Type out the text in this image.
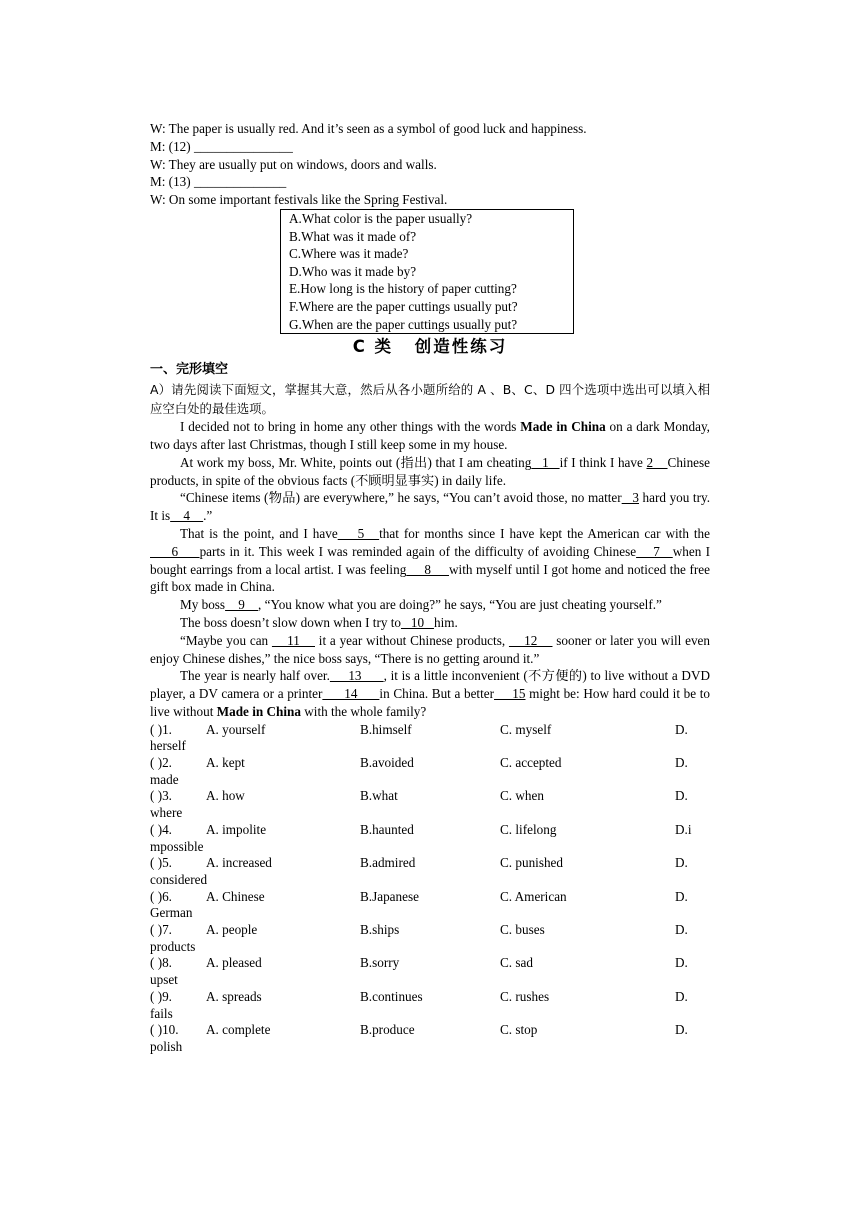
W: The paper is usually red. And it’s seen as a symbol of good luck and happiness.

M: (12) _______________

W: They are usually put on windows, doors and walls.

M: (13) ______________

W: On some important festivals like the Spring Festival.

A.What color is the paper usually?
B.What was it made of?
C.Where was it made?
D.Who was it made by?
E.How long is the history of paper cutting?
F.Where are the paper cuttings usually put?
G.When are the paper cuttings usually put?
C 类 创造性练习

一、完形填空

A）请先阅读下面短文，掌握其大意，然后从各小题所给的 A 、B、C、D 四个选项中选出可以填入相应空白处的最佳选项。

I decided not to bring in home any other things with the words Made in China on a dark Monday, two days after last Christmas, though I still keep some in my house.

At work my boss, Mr. White, points out (指出) that I am cheating   1   if I think I have 2    Chinese products, in spite of the obvious facts (不顾明显事实) in daily life.

“Chinese items (物品) are everywhere,” he says, “You can’t avoid those, no matter   3 hard you try. It is    4    .”

That is the point, and I have    5   that for months since I have kept the American car with the     6     parts in it. This week I was reminded again of the difficulty of avoiding Chinese    7   when I bought earrings from a local artist. I was feeling     8     with myself until I got home and noticed the free gift box made in China.

My boss    9    , “You know what you are doing?” he says, “You are just cheating yourself.”

The boss doesn’t slow down when I try to   10   him.

“Maybe you can     11     it a year without Chinese products,     12     sooner or later you will even enjoy Chinese dishes,” the nice boss says, “There is no getting around it.”

The year is nearly half over.     13      , it is a little inconvenient (不方便的) to live without a DVD player, a DV camera or a printer      14      in China. But a better     15 might be: How hard could it be to live without Made in China with the whole family?

( )1.	A. yourself	B.himself	C. myself	D.
herself
( )2.	A. kept	B.avoided	C. accepted	D.
made
( )3.	A. how	B.what	C. when	D.
where
( )4.	A. impolite	B.haunted	C. lifelong	D.i
mpossible
( )5.	A. increased	B.admired	C. punished	D.
considered
( )6.	A. Chinese	B.Japanese	C. American	D.
German
( )7.	A. people	B.ships	C. buses	D.
products
( )8.	A. pleased	B.sorry	C. sad	D.
upset
( )9.	A. spreads	B.continues	C. rushes	D.
fails
( )10. A. complete	B.produce	C. stop	D.
polish
